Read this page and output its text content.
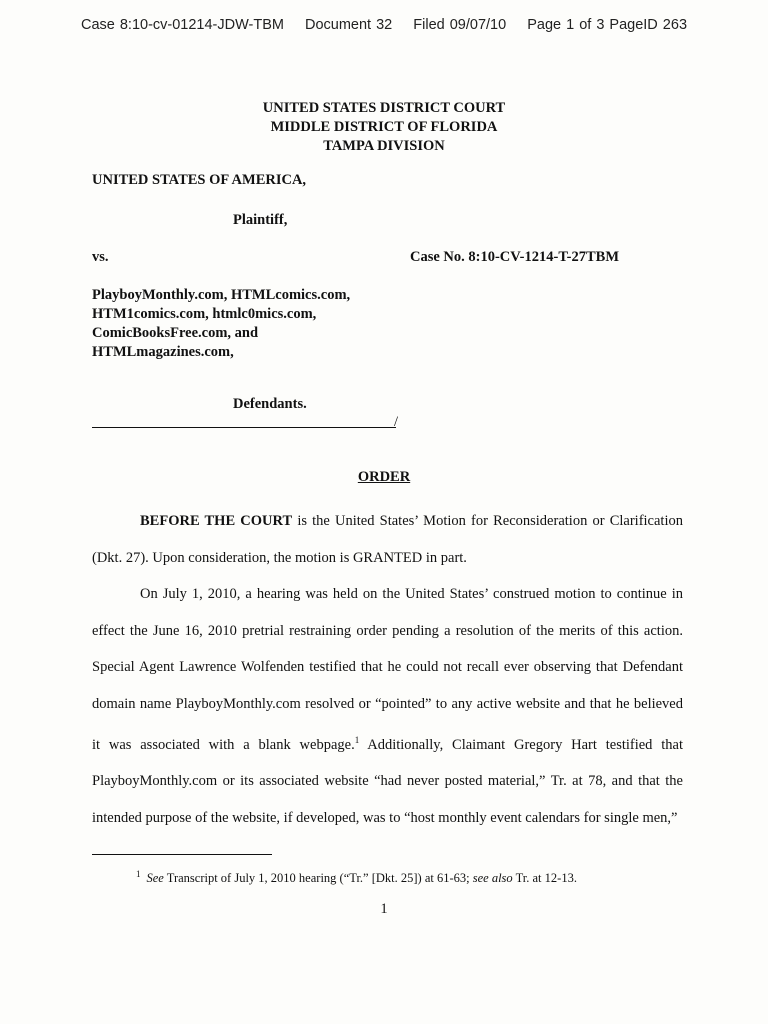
Case 8:10-cv-01214-JDW-TBM Document 32 Filed 09/07/10 Page 1 of 3 PageID 263
UNITED STATES DISTRICT COURT
MIDDLE DISTRICT OF FLORIDA
TAMPA DIVISION
UNITED STATES OF AMERICA,
Plaintiff,
vs.	Case No. 8:10-CV-1214-T-27TBM
PlayboyMonthly.com, HTMLcomics.com,
HTM1comics.com, htmlc0mics.com,
ComicBooksFree.com, and
HTMLmagazines.com,
Defendants.
/
ORDER

BEFORE THE COURT is the United States’ Motion for Reconsideration or Clarification (Dkt. 27). Upon consideration, the motion is GRANTED in part.

On July 1, 2010, a hearing was held on the United States’ construed motion to continue in effect the June 16, 2010 pretrial restraining order pending a resolution of the merits of this action. Special Agent Lawrence Wolfenden testified that he could not recall ever observing that Defendant domain name PlayboyMonthly.com resolved or “pointed” to any active website and that he believed it was associated with a blank webpage.$^1$ Additionally, Claimant Gregory Hart testified that PlayboyMonthly.com or its associated website “had never posted material,” Tr. at 78, and that the intended purpose of the website, if developed, was to “host monthly event calendars for single men,”

$^1$ See Transcript of July 1, 2010 hearing (“Tr.” [Dkt. 25]) at 61-63; see also Tr. at 12-13.
1
